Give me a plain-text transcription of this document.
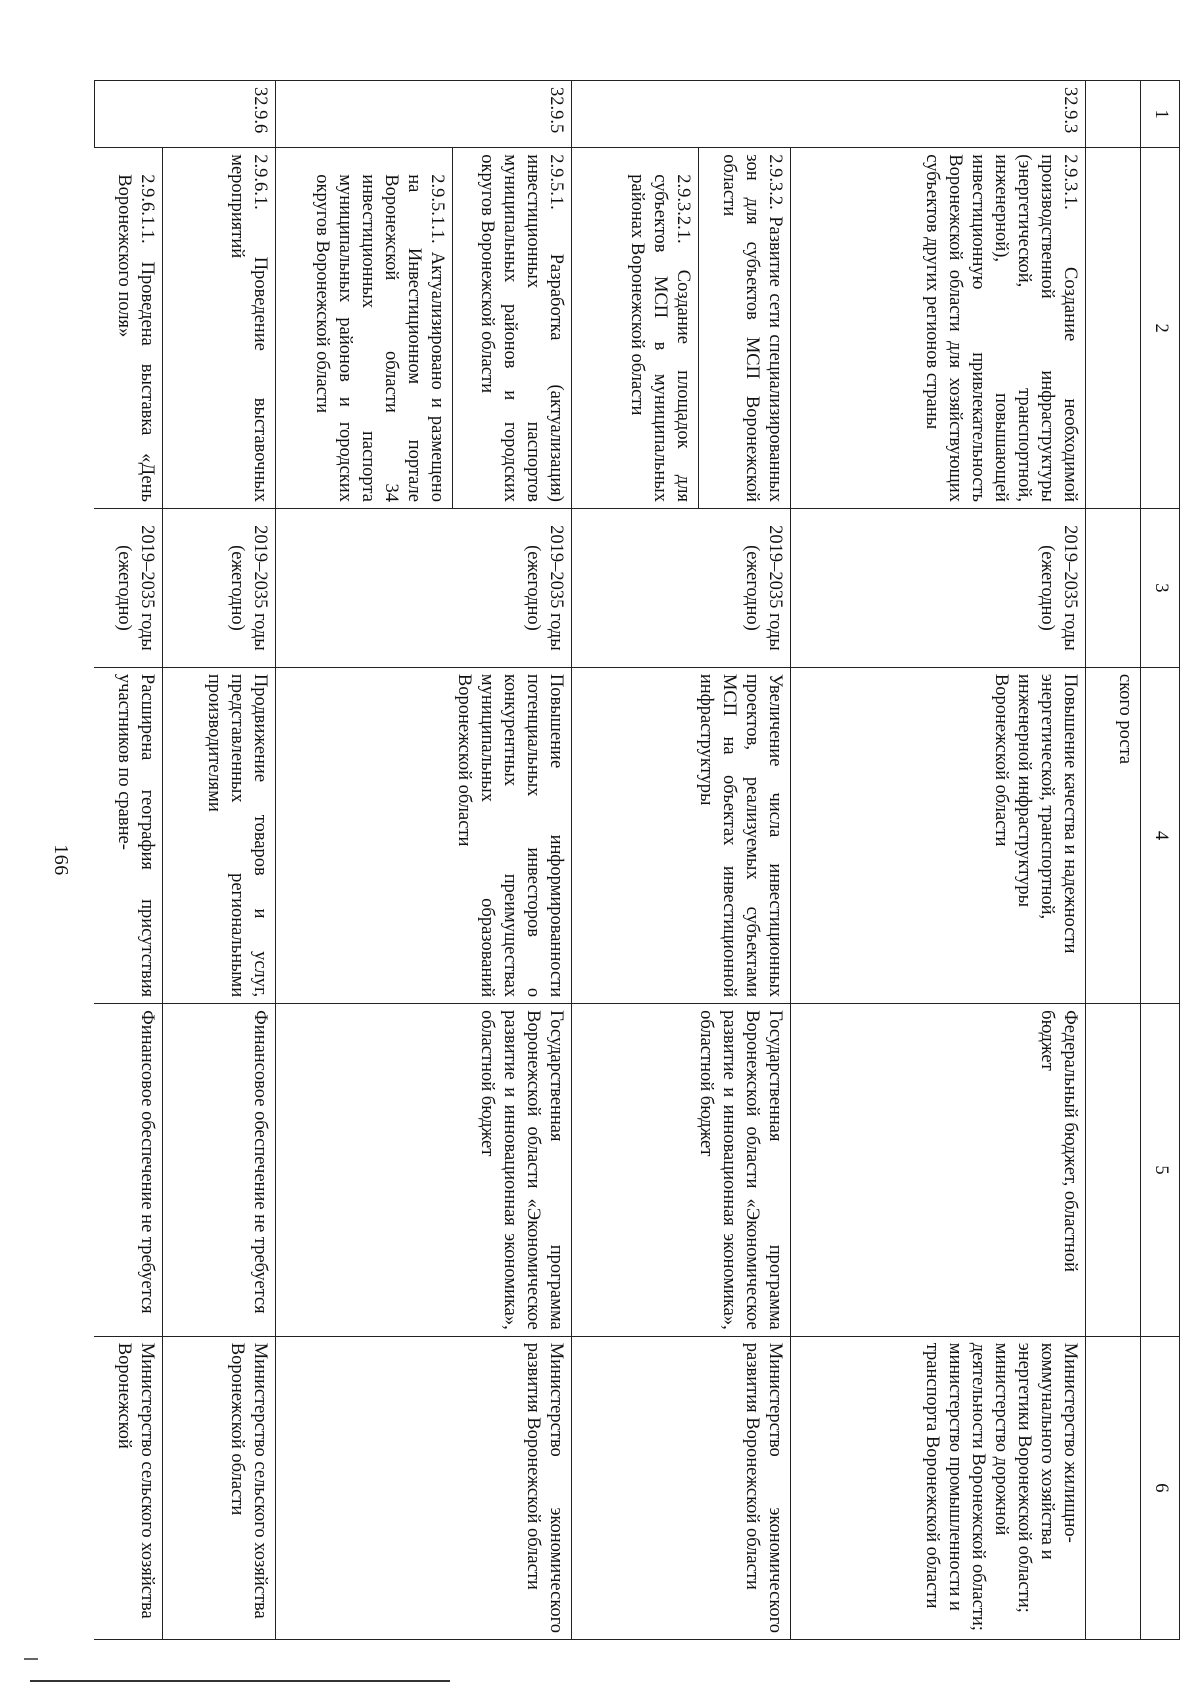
1	2	3	4	5	6
			ского роста		
32.9.3	2.9.3.1. Создание необходимой производственной инфраструктуры (энергетической, транспортной, инженерной), повышающей инвестиционную привлекательность Воронежской области для хозяйствующих субъектов других регионов страны	2019–2035 годы (ежегодно)	Повышение качества и надежности энергетической, транспортной, инженерной инфраструктуры Воронежской области	Федеральный бюджет, областной бюджет	Министерство жилищно-коммунального хозяйства и энергетики Воронежской области; министерство дорожной деятельности Воронежской области; министерство промышленности и транспорта Воронежской области
	2.9.3.2. Развитие сети специализированных зон для субъектов МСП Воронежской области	2019–2035 годы (ежегодно)	Увеличение числа инвестиционных проектов, реализуемых субъектами МСП на объектах инвестиционной инфраструктуры	Государственная программа Воронежской области «Экономическое развитие и инновационная экономика», областной бюджет	Министерство экономического развития Воронежской области
	2.9.3.2.1. Создание площадок для субъектов МСП в муниципальных районах Воронежской области				
32.9.5	2.9.5.1. Разработка (актуализация) инвестиционных паспортов муниципальных районов и городских округов Воронежской области	2019–2035 годы (ежегодно)	Повышение информированности потенциальных инвесторов о конкурентных преимуществах муниципальных образований Воронежской области	Государственная программа Воронежской области «Экономическое развитие и инновационная экономика», областной бюджет	Министерство экономического развития Воронежской области
	2.9.5.1.1. Актуализировано и размещено на Инвестиционном портале Воронежской области 34 инвестиционных паспорта муниципальных районов и городских округов Воронежской области				
32.9.6	2.9.6.1. Проведение выставочных мероприятий	2019–2035 годы (ежегодно)	Продвижение товаров и услуг, представленных региональными производителями	Финансовое обеспечение не требуется	Министерство сельского хозяйства Воронежской области
	2.9.6.1.1. Проведена выставка «День Воронежского поля»	2019–2035 годы (ежегодно)	Расширена география присутствия участников по сравне-	Финансовое обеспечение не требуется	Министерство сельского хозяйства Воронежской
166
